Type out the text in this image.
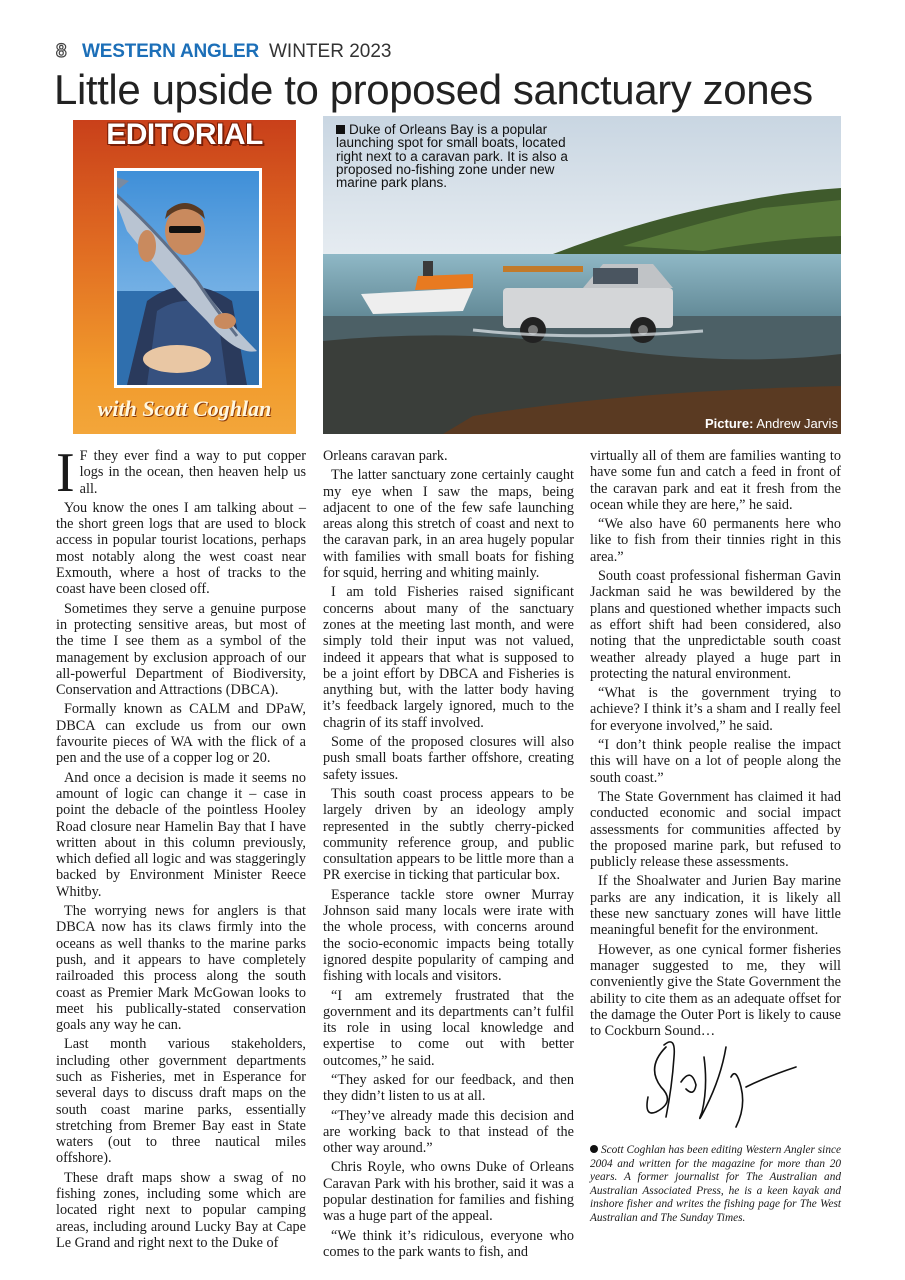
8 WESTERN ANGLER WINTER 2023
Little upside to proposed sanctuary zones
EDITORIAL
with Scott Coghlan
Duke of Orleans Bay is a popular launching spot for small boats, located right next to a caravan park. It is also a proposed no-fishing zone under new marine park plans.
Picture: Andrew Jarvis

I F they ever find a way to put copper logs in the ocean, then heaven help us all.

You know the ones I am talking about – the short green logs that are used to block access in popular tourist locations, perhaps most notably along the west coast near Exmouth, where a host of tracks to the coast have been closed off.

Sometimes they serve a genuine purpose in protecting sensitive areas, but most of the time I see them as a symbol of the management by exclusion approach of our all-powerful Department of Biodiversity, Conservation and Attractions (DBCA).

Formally known as CALM and DPaW, DBCA can exclude us from our own favourite pieces of WA with the flick of a pen and the use of a copper log or 20.

And once a decision is made it seems no amount of logic can change it – case in point the debacle of the pointless Hooley Road closure near Hamelin Bay that I have written about in this column previously, which defied all logic and was staggeringly backed by Environment Minister Reece Whitby.

The worrying news for anglers is that DBCA now has its claws firmly into the oceans as well thanks to the marine parks push, and it appears to have completely railroaded this process along the south coast as Premier Mark McGowan looks to meet his publically-stated conservation goals any way he can.

Last month various stakeholders, including other government departments such as Fisheries, met in Esperance for several days to discuss draft maps on the south coast marine parks, essentially stretching from Bremer Bay east in State waters (out to three nautical miles offshore).

These draft maps show a swag of no fishing zones, including some which are located right next to popular camping areas, including around Lucky Bay at Cape Le Grand and right next to the Duke of

Orleans caravan park.

The latter sanctuary zone certainly caught my eye when I saw the maps, being adjacent to one of the few safe launching areas along this stretch of coast and next to the caravan park, in an area hugely popular with families with small boats for fishing for squid, herring and whiting mainly.

I am told Fisheries raised significant concerns about many of the sanctuary zones at the meeting last month, and were simply told their input was not valued, indeed it appears that what is supposed to be a joint effort by DBCA and Fisheries is anything but, with the latter body having it’s feedback largely ignored, much to the chagrin of its staff involved.

Some of the proposed closures will also push small boats farther offshore, creating safety issues.

This south coast process appears to be largely driven by an ideology amply represented in the subtly cherry-picked community reference group, and public consultation appears to be little more than a PR exercise in ticking that particular box.

Esperance tackle store owner Murray Johnson said many locals were irate with the whole process, with concerns around the socio-economic impacts being totally ignored despite popularity of camping and fishing with locals and visitors.

“I am extremely frustrated that the government and its departments can’t fulfil its role in using local knowledge and expertise to come out with better outcomes,” he said.

“They asked for our feedback, and then they didn’t listen to us at all.

“They’ve already made this decision and are working back to that instead of the other way around.”

Chris Royle, who owns Duke of Orleans Caravan Park with his brother, said it was a popular destination for families and fishing was a huge part of the appeal.

“We think it’s ridiculous, everyone who comes to the park wants to fish, and

virtually all of them are families wanting to have some fun and catch a feed in front of the caravan park and eat it fresh from the ocean while they are here,” he said.

“We also have 60 permanents here who like to fish from their tinnies right in this area.”

South coast professional fisherman Gavin Jackman said he was bewildered by the plans and questioned whether impacts such as effort shift had been considered, also noting that the unpredictable south coast weather already played a huge part in protecting the natural environment.

“What is the government trying to achieve? I think it’s a sham and I really feel for everyone involved,” he said.

“I don’t think people realise the impact this will have on a lot of people along the south coast.”

The State Government has claimed it had conducted economic and social impact assessments for communities affected by the proposed marine park, but refused to publicly release these assessments.

If the Shoalwater and Jurien Bay marine parks are any indication, it is likely all these new sanctuary zones will have little meaningful benefit for the environment.

However, as one cynical former fisheries manager suggested to me, they will conveniently give the State Government the ability to cite them as an adequate offset for the damage the Outer Port is likely to cause to Cockburn Sound…

Scott Coghlan has been editing Western Angler since 2004 and written for the magazine for more than 20 years. A former journalist for The Australian and Australian Associated Press, he is a keen kayak and inshore fisher and writes the fishing page for The West Australian and The Sunday Times.
